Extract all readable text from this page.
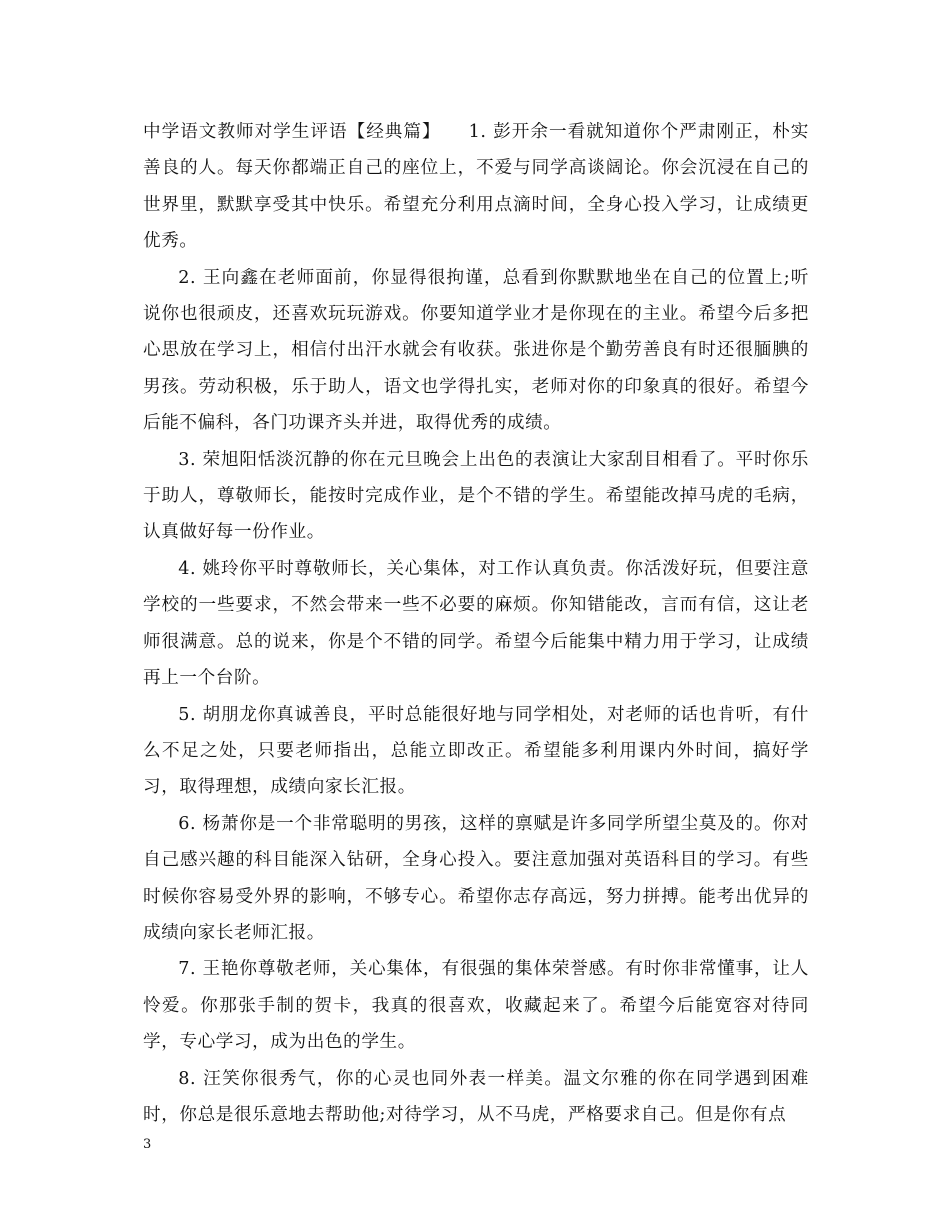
中学语文教师对学生评语【经典篇】 1. 彭开余一看就知道你个严肃刚正，朴实善良的人。每天你都端正自己的座位上，不爱与同学高谈阔论。你会沉浸在自己的世界里，默默享受其中快乐。希望充分利用点滴时间，全身心投入学习，让成绩更优秀。

2. 王向鑫在老师面前，你显得很拘谨，总看到你默默地坐在自己的位置上;听说你也很顽皮，还喜欢玩玩游戏。你要知道学业才是你现在的主业。希望今后多把心思放在学习上，相信付出汗水就会有收获。张进你是个勤劳善良有时还很腼腆的男孩。劳动积极，乐于助人，语文也学得扎实，老师对你的印象真的很好。希望今后能不偏科，各门功课齐头并进，取得优秀的成绩。

3. 荣旭阳恬淡沉静的你在元旦晚会上出色的表演让大家刮目相看了。平时你乐于助人，尊敬师长，能按时完成作业，是个不错的学生。希望能改掉马虎的毛病，认真做好每一份作业。

4. 姚玲你平时尊敬师长，关心集体，对工作认真负责。你活泼好玩，但要注意学校的一些要求，不然会带来一些不必要的麻烦。你知错能改，言而有信，这让老师很满意。总的说来，你是个不错的同学。希望今后能集中精力用于学习，让成绩再上一个台阶。

5. 胡朋龙你真诚善良，平时总能很好地与同学相处，对老师的话也肯听，有什么不足之处，只要老师指出，总能立即改正。希望能多利用课内外时间，搞好学习，取得理想，成绩向家长汇报。

6. 杨萧你是一个非常聪明的男孩，这样的禀赋是许多同学所望尘莫及的。你对自己感兴趣的科目能深入钻研，全身心投入。要注意加强对英语科目的学习。有些时候你容易受外界的影响，不够专心。希望你志存高远，努力拼搏。能考出优异的成绩向家长老师汇报。

7. 王艳你尊敬老师，关心集体，有很强的集体荣誉感。有时你非常懂事，让人怜爱。你那张手制的贺卡，我真的很喜欢，收藏起来了。希望今后能宽容对待同学，专心学习，成为出色的学生。

8. 汪笑你很秀气，你的心灵也同外表一样美。温文尔雅的你在同学遇到困难时，你总是很乐意地去帮助他;对待学习，从不马虎，严格要求自己。但是你有点

3
